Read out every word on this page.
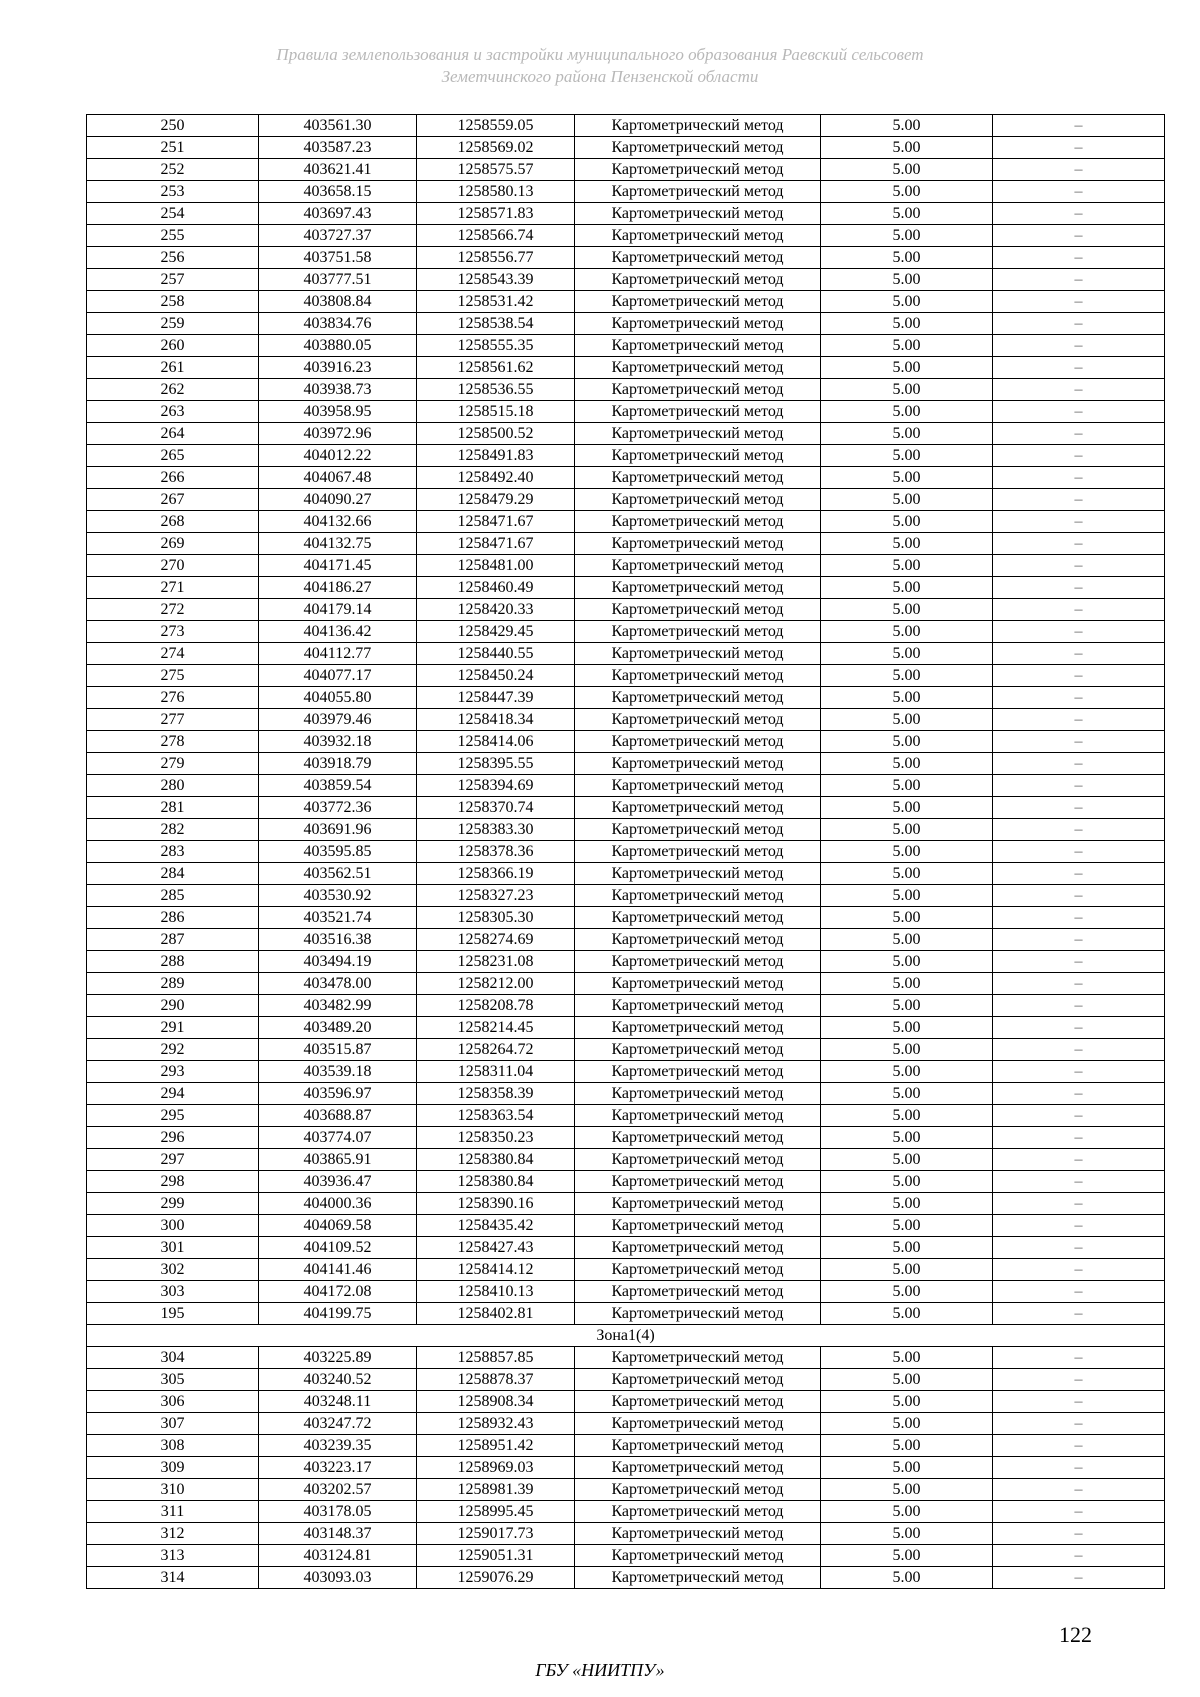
Правила землепользования и застройки муниципального образования Раевский сельсовет
Земетчинского района Пензенской области
250	403561.30	1258559.05	Картометрический метод	5.00	–
251	403587.23	1258569.02	Картометрический метод	5.00	–
252	403621.41	1258575.57	Картометрический метод	5.00	–
253	403658.15	1258580.13	Картометрический метод	5.00	–
254	403697.43	1258571.83	Картометрический метод	5.00	–
255	403727.37	1258566.74	Картометрический метод	5.00	–
256	403751.58	1258556.77	Картометрический метод	5.00	–
257	403777.51	1258543.39	Картометрический метод	5.00	–
258	403808.84	1258531.42	Картометрический метод	5.00	–
259	403834.76	1258538.54	Картометрический метод	5.00	–
260	403880.05	1258555.35	Картометрический метод	5.00	–
261	403916.23	1258561.62	Картометрический метод	5.00	–
262	403938.73	1258536.55	Картометрический метод	5.00	–
263	403958.95	1258515.18	Картометрический метод	5.00	–
264	403972.96	1258500.52	Картометрический метод	5.00	–
265	404012.22	1258491.83	Картометрический метод	5.00	–
266	404067.48	1258492.40	Картометрический метод	5.00	–
267	404090.27	1258479.29	Картометрический метод	5.00	–
268	404132.66	1258471.67	Картометрический метод	5.00	–
269	404132.75	1258471.67	Картометрический метод	5.00	–
270	404171.45	1258481.00	Картометрический метод	5.00	–
271	404186.27	1258460.49	Картометрический метод	5.00	–
272	404179.14	1258420.33	Картометрический метод	5.00	–
273	404136.42	1258429.45	Картометрический метод	5.00	–
274	404112.77	1258440.55	Картометрический метод	5.00	–
275	404077.17	1258450.24	Картометрический метод	5.00	–
276	404055.80	1258447.39	Картометрический метод	5.00	–
277	403979.46	1258418.34	Картометрический метод	5.00	–
278	403932.18	1258414.06	Картометрический метод	5.00	–
279	403918.79	1258395.55	Картометрический метод	5.00	–
280	403859.54	1258394.69	Картометрический метод	5.00	–
281	403772.36	1258370.74	Картометрический метод	5.00	–
282	403691.96	1258383.30	Картометрический метод	5.00	–
283	403595.85	1258378.36	Картометрический метод	5.00	–
284	403562.51	1258366.19	Картометрический метод	5.00	–
285	403530.92	1258327.23	Картометрический метод	5.00	–
286	403521.74	1258305.30	Картометрический метод	5.00	–
287	403516.38	1258274.69	Картометрический метод	5.00	–
288	403494.19	1258231.08	Картометрический метод	5.00	–
289	403478.00	1258212.00	Картометрический метод	5.00	–
290	403482.99	1258208.78	Картометрический метод	5.00	–
291	403489.20	1258214.45	Картометрический метод	5.00	–
292	403515.87	1258264.72	Картометрический метод	5.00	–
293	403539.18	1258311.04	Картометрический метод	5.00	–
294	403596.97	1258358.39	Картометрический метод	5.00	–
295	403688.87	1258363.54	Картометрический метод	5.00	–
296	403774.07	1258350.23	Картометрический метод	5.00	–
297	403865.91	1258380.84	Картометрический метод	5.00	–
298	403936.47	1258380.84	Картометрический метод	5.00	–
299	404000.36	1258390.16	Картометрический метод	5.00	–
300	404069.58	1258435.42	Картометрический метод	5.00	–
301	404109.52	1258427.43	Картометрический метод	5.00	–
302	404141.46	1258414.12	Картометрический метод	5.00	–
303	404172.08	1258410.13	Картометрический метод	5.00	–
195	404199.75	1258402.81	Картометрический метод	5.00	–
Зона1(4)					
304	403225.89	1258857.85	Картометрический метод	5.00	–
305	403240.52	1258878.37	Картометрический метод	5.00	–
306	403248.11	1258908.34	Картометрический метод	5.00	–
307	403247.72	1258932.43	Картометрический метод	5.00	–
308	403239.35	1258951.42	Картометрический метод	5.00	–
309	403223.17	1258969.03	Картометрический метод	5.00	–
310	403202.57	1258981.39	Картометрический метод	5.00	–
311	403178.05	1258995.45	Картометрический метод	5.00	–
312	403148.37	1259017.73	Картометрический метод	5.00	–
313	403124.81	1259051.31	Картометрический метод	5.00	–
314	403093.03	1259076.29	Картометрический метод	5.00	–
122
ГБУ «НИИТПУ»
